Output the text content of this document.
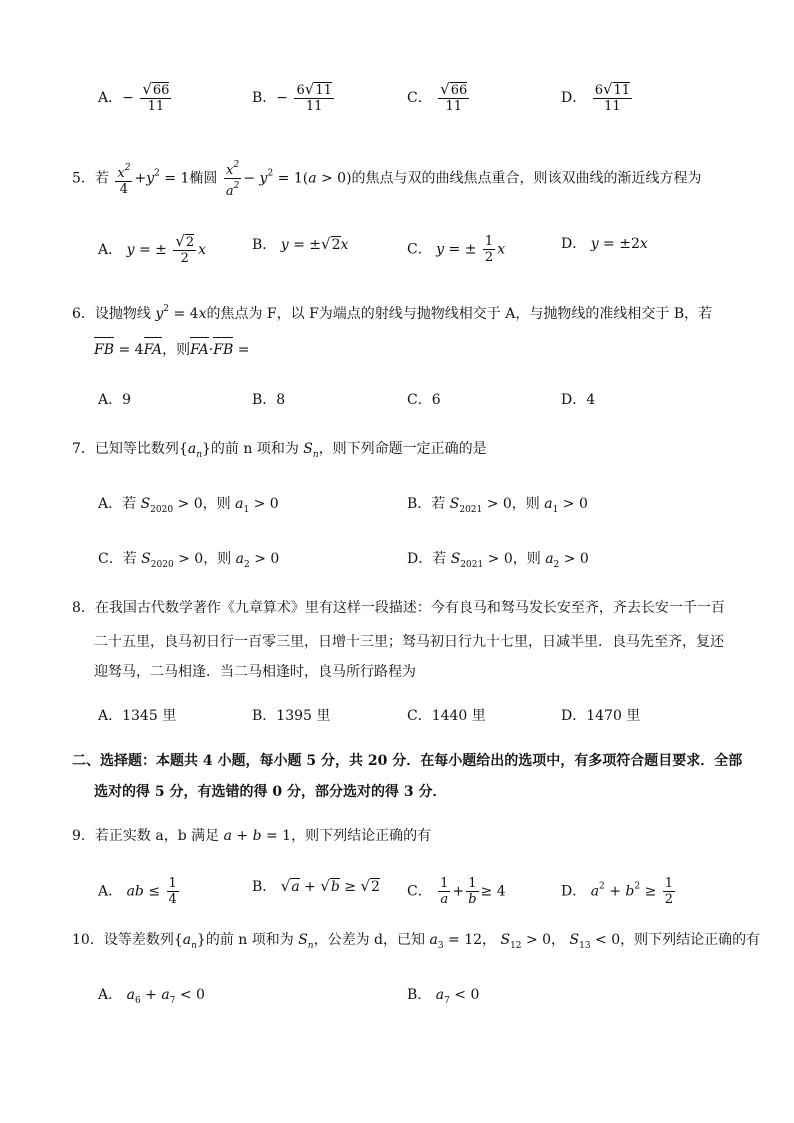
A．− $\frac{√66}{11}$	B．− $\frac{6√11}{11}$	C． $\frac{√66}{11}$	D． $\frac{6√11}{11}$
5．若 $\frac{x^2}{4} +y^2 = 1$椭圆 $\frac{x^2}{a^2} - y^2 = 1(a > 0)$的焦点与双的曲线焦点重合，则该双曲线的渐近线方程为
A． y = ± $\frac{√2}{2}$ x	B． y = ±√2x	C． y = ± $\frac{1}{2}$ x	D． y = ±2x
6．设抛物线 $y^2 = 4x$的焦点为 F，以 F为端点的射线与抛物线相交于 A，与抛物线的准线相交于 B，若
FB = 4FA，则FA·FB =
A．9	B．8	C．6	D．4
7．已知等比数列$\{a_n\}$的前 n 项和为 $S_n$，则下列命题一定正确的是
A．若 $S_{2020} > 0$，则 $a_1 > 0$	B．若 $S_{2021} > 0$，则 $a_1 > 0$
C．若 $S_{2020} > 0$，则 $a_2 > 0$	D．若 $S_{2021} > 0$，则 $a_2 > 0$
8．在我国古代数学著作《九章算术》里有这样一段描述：今有良马和驽马发长安至齐，齐去长安一千一百
二十五里，良马初日行一百零三里，日增十三里；驽马初日行九十七里，日减半里．良马先至齐，复还
迎驽马，二马相逢．当二马相逢时，良马所行路程为
A．1345 里	B．1395 里	C．1440 里	D．1470 里
二、选择题：本题共 4 小题，每小题 5 分，共 20 分．在每小题给出的选项中，有多项符合题目要求．全部
选对的得 5 分，有选错的得 0 分，部分选对的得 3 分．
9．若正实数 a，b 满足 a + b = 1，则下列结论正确的有
A． ab ≤ $\frac{1}{4}$	B． √a + √b ≥ √2 C． $\frac{1}{a} + \frac{1}{b} \ge 4$	D． $a^2 + b^2 \ge \frac{1}{2}$
10．设等差数列$\{a_n\}$的前 n 项和为 $S_n$，公差为 d，已知 $a_3 = 12$， $S_{12} > 0$， $S_{13} < 0$，则下列结论正确的有
A． $a_6 + a_7 < 0$	B． $a_7 < 0$
